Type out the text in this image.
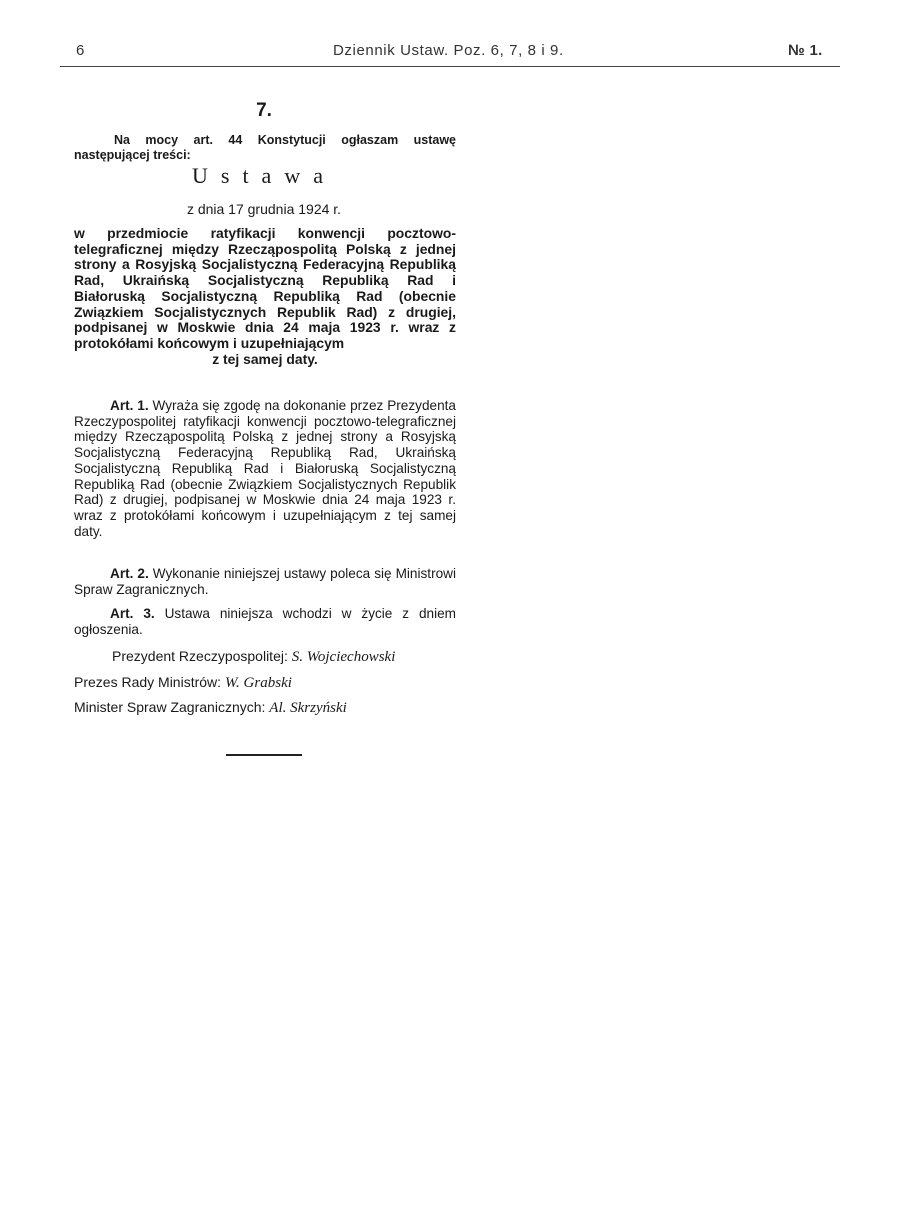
6	Dziennik Ustaw. Poz. 6, 7, 8 i 9.	№ 1.
7.
Na mocy art. 44 Konstytucji ogłaszam ustawę następującej treści:
Ustawa
z dnia 17 grudnia 1924 r.
w przedmiocie ratyfikacji konwencji pocztowo-telegraficznej między Rzecząpospolitą Polską z jednej strony a Rosyjską Socjalistyczną Federacyjną Republiką Rad, Ukraińską Socjalistyczną Republiką Rad i Białoruską Socjalistyczną Republiką Rad (obecnie Związkiem Socjalistycznych Republik Rad) z drugiej, podpisanej w Moskwie dnia 24 maja 1923 r. wraz z protokółami końcowym i uzupełniającym
z tej samej daty.
Art. 1. Wyraża się zgodę na dokonanie przez Prezydenta Rzeczypospolitej ratyfikacji konwencji pocztowo-telegraficznej między Rzecząpospolitą Polską z jednej strony a Rosyjską Socjalistyczną Federacyjną Republiką Rad, Ukraińską Socjalistyczną Republiką Rad i Białoruską Socjalistyczną Republiką Rad (obecnie Związkiem Socjalistycznych Republik Rad) z drugiej, podpisanej w Moskwie dnia 24 maja 1923 r. wraz z protokółami końcowym i uzupełniającym z tej samej daty.
Art. 2. Wykonanie niniejszej ustawy poleca się Ministrowi Spraw Zagranicznych.
Art. 3. Ustawa niniejsza wchodzi w życie z dniem ogłoszenia.
Prezydent Rzeczypospolitej: S. Wojciechowski
Prezes Rady Ministrów: W. Grabski
Minister Spraw Zagranicznych: Al. Skrzyński
